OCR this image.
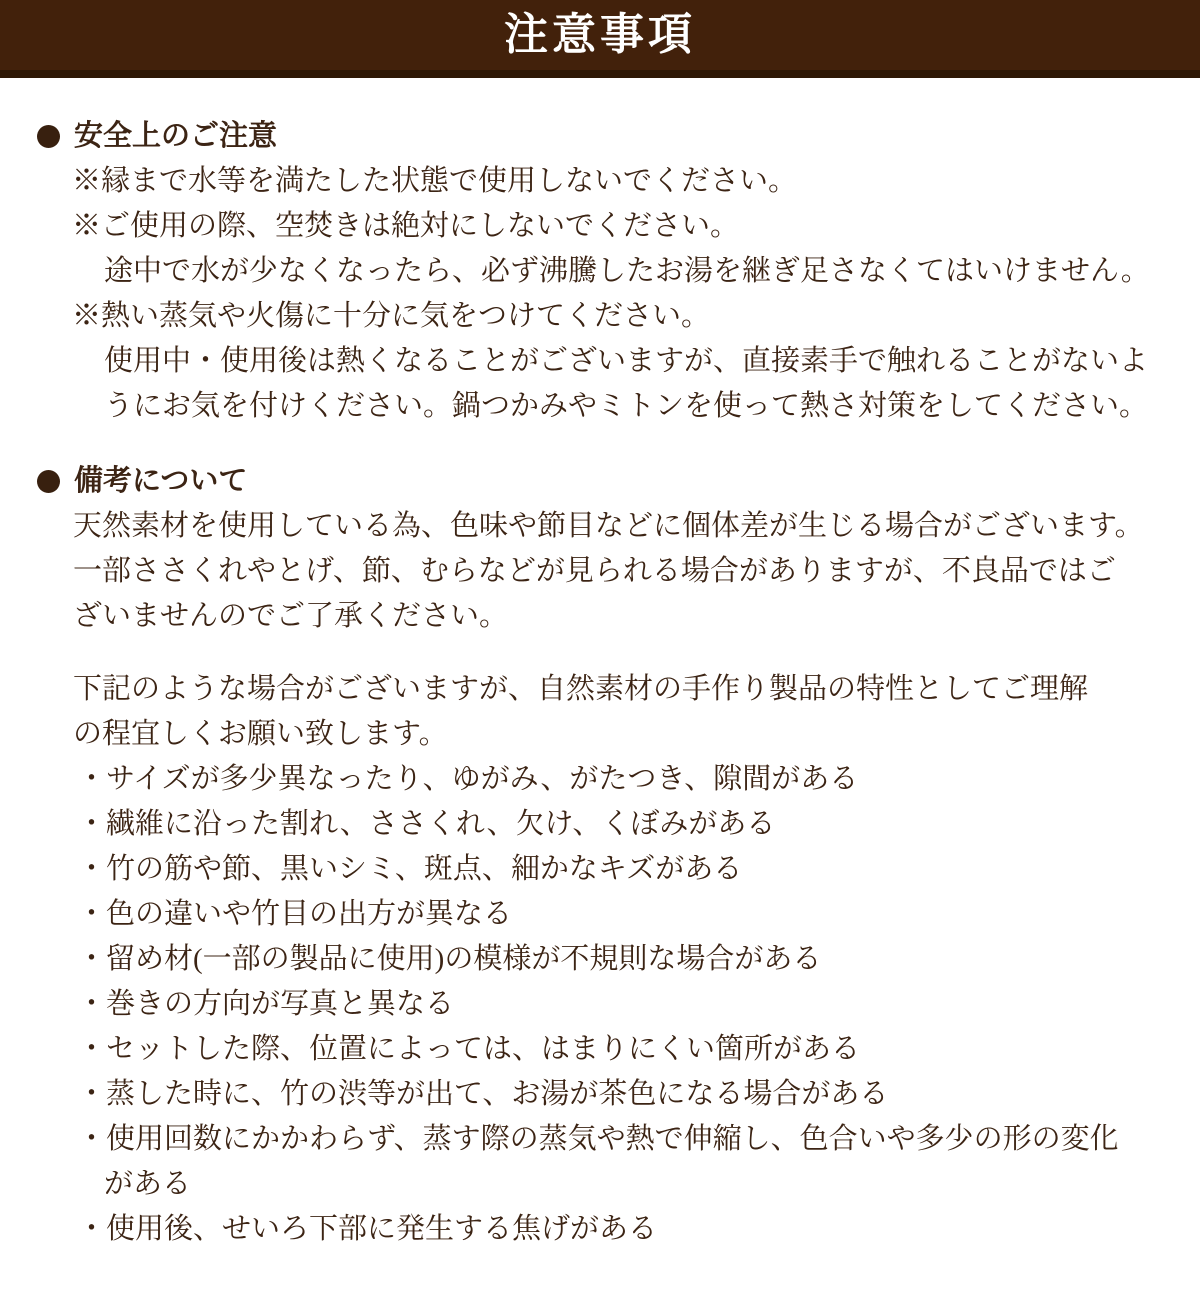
注意事項
安全上のご注意
※縁まで水等を満たした状態で使用しないでください。
※ご使用の際、空焚きは絶対にしないでください。
途中で水が少なくなったら、必ず沸騰したお湯を継ぎ足さなくてはいけません。
※熱い蒸気や火傷に十分に気をつけてください。
使用中・使用後は熱くなることがございますが、直接素手で触れることがないよ
うにお気を付けください。鍋つかみやミトンを使って熱さ対策をしてください。
備考について
天然素材を使用している為、色味や節目などに個体差が生じる場合がございます。
一部ささくれやとげ、節、むらなどが見られる場合がありますが、不良品ではご
ざいませんのでご了承ください。
下記のような場合がございますが、自然素材の手作り製品の特性としてご理解
の程宜しくお願い致します。
・サイズが多少異なったり、ゆがみ、がたつき、隙間がある
・繊維に沿った割れ、ささくれ、欠け、くぼみがある
・竹の筋や節、黒いシミ、斑点、細かなキズがある
・色の違いや竹目の出方が異なる
・留め材(一部の製品に使用)の模様が不規則な場合がある
・巻きの方向が写真と異なる
・セットした際、位置によっては、はまりにくい箇所がある
・蒸した時に、竹の渋等が出て、お湯が茶色になる場合がある
・使用回数にかかわらず、蒸す際の蒸気や熱で伸縮し、色合いや多少の形の変化
がある
・使用後、せいろ下部に発生する焦げがある
